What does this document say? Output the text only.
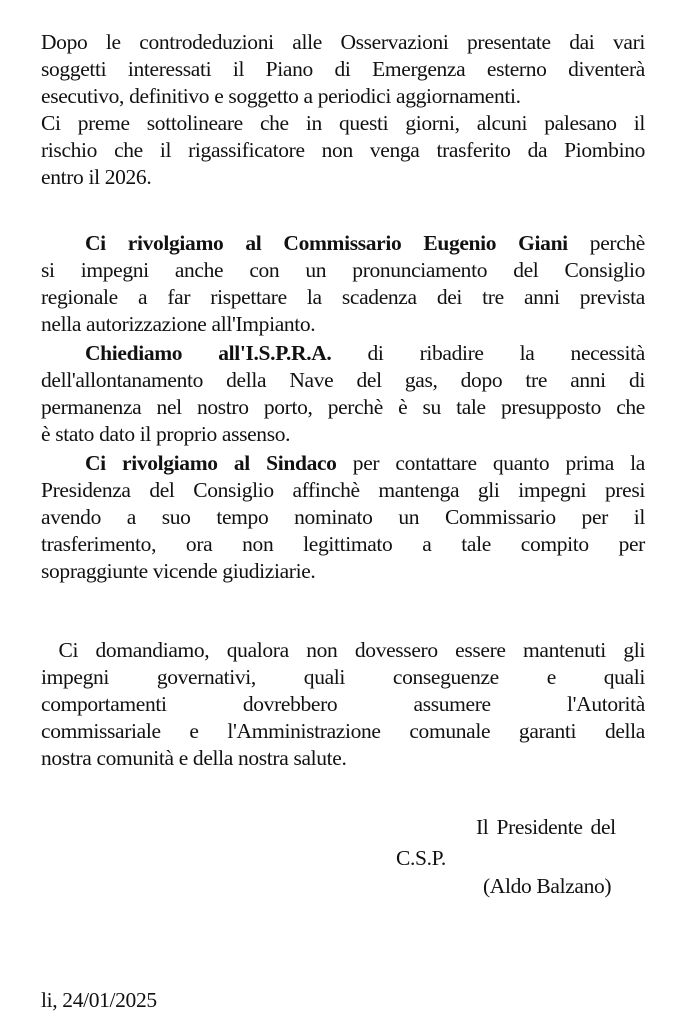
Dopo le controdeduzioni alle Osservazioni presentate dai vari
soggetti interessati il Piano di Emergenza esterno diventerà
esecutivo, definitivo e soggetto a periodici aggiornamenti.
Ci preme sottolineare che in questi giorni, alcuni palesano il
rischio che il rigassificatore non venga trasferito da Piombino
entro il 2026.
Ci rivolgiamo al Commissario Eugenio Giani perchè
si impegni anche con un pronunciamento del Consiglio
regionale a far rispettare la scadenza dei tre anni prevista
nella autorizzazione all'Impianto.
Chiediamo all'I.S.P.R.A. di ribadire la necessità
dell'allontanamento della Nave del gas, dopo tre anni di
permanenza nel nostro porto, perchè è su tale presupposto che
è stato dato il proprio assenso.
Ci rivolgiamo al Sindaco per contattare quanto prima la
Presidenza del Consiglio affinchè mantenga gli impegni presi
avendo a suo tempo nominato un Commissario per il
trasferimento, ora non legittimato a tale compito per
sopraggiunte vicende giudiziarie.
Ci domandiamo, qualora non dovessero essere mantenuti gli
impegni governativi, quali conseguenze e quali
comportamenti dovrebbero assumere l'Autorità
commissariale e l'Amministrazione comunale garanti della
nostra comunità e della nostra salute.
Il Presidente del
C.S.P.
(Aldo Balzano)
li, 24/01/2025
